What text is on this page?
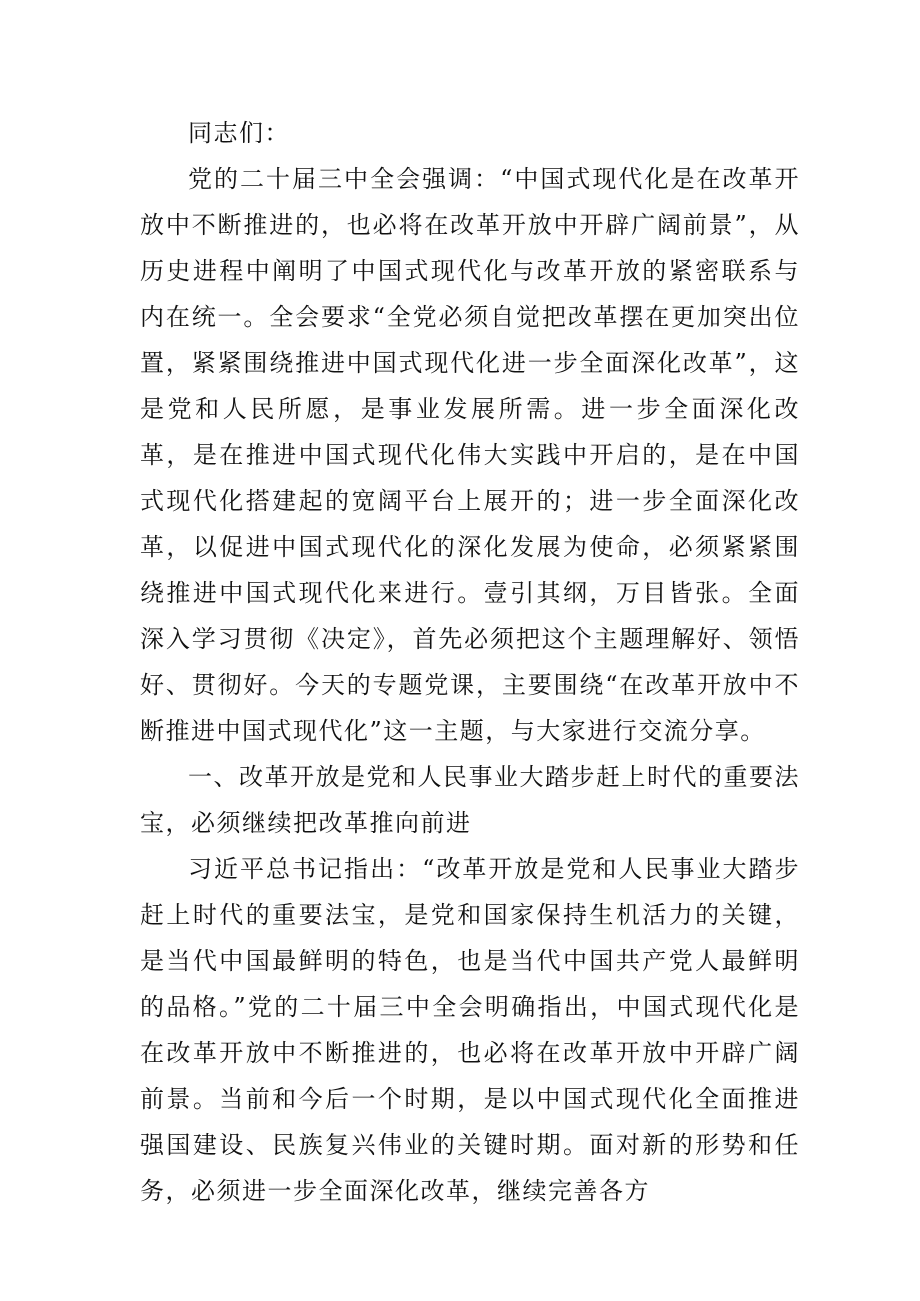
同志们：

党的二十届三中全会强调：“中国式现代化是在改革开放中不断推进的，也必将在改革开放中开辟广阔前景”，从历史进程中阐明了中国式现代化与改革开放的紧密联系与内在统一。全会要求“全党必须自觉把改革摆在更加突出位置，紧紧围绕推进中国式现代化进一步全面深化改革”，这是党和人民所愿，是事业发展所需。进一步全面深化改革，是在推进中国式现代化伟大实践中开启的，是在中国式现代化搭建起的宽阔平台上展开的；进一步全面深化改革，以促进中国式现代化的深化发展为使命，必须紧紧围绕推进中国式现代化来进行。壹引其纲，万目皆张。全面深入学习贯彻《决定》，首先必须把这个主题理解好、领悟好、贯彻好。今天的专题党课，主要围绕“在改革开放中不断推进中国式现代化”这一主题，与大家进行交流分享。

一、改革开放是党和人民事业大踏步赶上时代的重要法宝，必须继续把改革推向前进

习近平总书记指出：“改革开放是党和人民事业大踏步赶上时代的重要法宝，是党和国家保持生机活力的关键，是当代中国最鲜明的特色，也是当代中国共产党人最鲜明的品格。”党的二十届三中全会明确指出，中国式现代化是在改革开放中不断推进的，也必将在改革开放中开辟广阔前景。当前和今后一个时期，是以中国式现代化全面推进强国建设、民族复兴伟业的关键时期。面对新的形势和任务，必须进一步全面深化改革，继续完善各方
